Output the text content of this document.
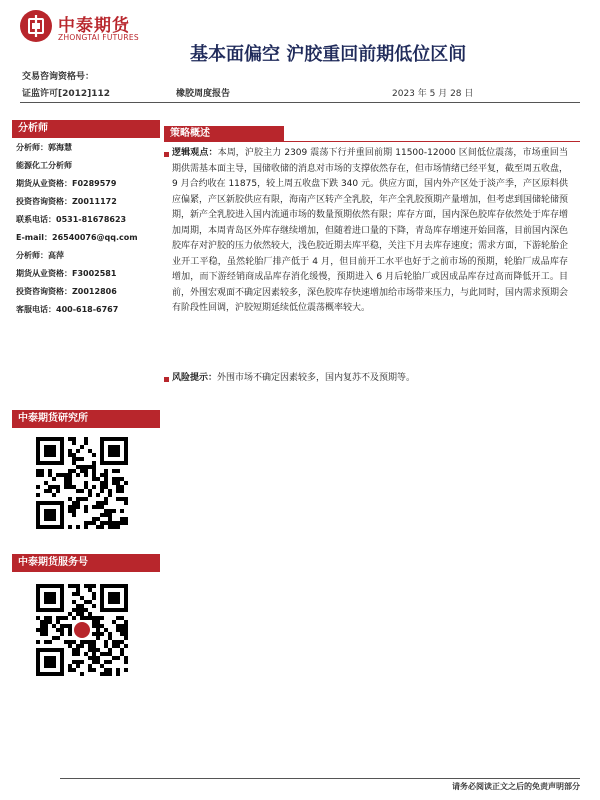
中泰期货
ZHONGTAI FUTURES
基本面偏空 沪胶重回前期低位区间
交易咨询资格号：
证监许可[2012]112	橡胶周度报告	2023 年 5 月 28 日
分析师
分析师：郭海慧
能源化工分析师
期货从业资格：F0289579
投资咨询资格：Z0011172
联系电话：0531-81678623
E-mail：26540076@qq.com
分析师：高萍
期货从业资格：F3002581
投资咨询资格：Z0012806
客服电话：400-618-6767
中泰期货研究所
中泰期货服务号
策略概述
逻辑观点：本周，沪胶主力 2309 震荡下行并重回前期 11500-12000 区间低位震荡，市场重回当期供需基本面主导，国储收储的消息对市场的支撑依然存在，但市场情绪已经平复，截至周五收盘，9 月合约收在 11875，较上周五收盘下跌 340 元。供应方面，国内外产区处于淡产季，产区原料供应偏紧，产区新胶供应有限，海南产区转产全乳胶，年产全乳胶预期产量增加，但考虑到国储轮储预期，新产全乳胶进入国内流通市场的数量预期依然有限；库存方面，国内深色胶库存依然处于库存增加周期，本周青岛区外库存继续增加，但随着进口量的下降，青岛库存增速开始回落，目前国内深色胶库存对沪胶的压力依然较大，浅色胶近期去库平稳，关注下月去库存速度；需求方面，下游轮胎企业开工平稳，虽然轮胎厂排产低于 4 月，但目前开工水平也好于之前市场的预期，轮胎厂成品库存增加，而下游经销商成品库存消化缓慢，预期进入 6 月后轮胎厂或因成品库存过高而降低开工。目前，外围宏观面不确定因素较多，深色胶库存快速增加给市场带来压力，与此同时，国内需求预期会有阶段性回调，沪胶短期延续低位震荡概率较大。
风险提示：外围市场不确定因素较多，国内复苏不及预期等。
请务必阅读正文之后的免责声明部分
